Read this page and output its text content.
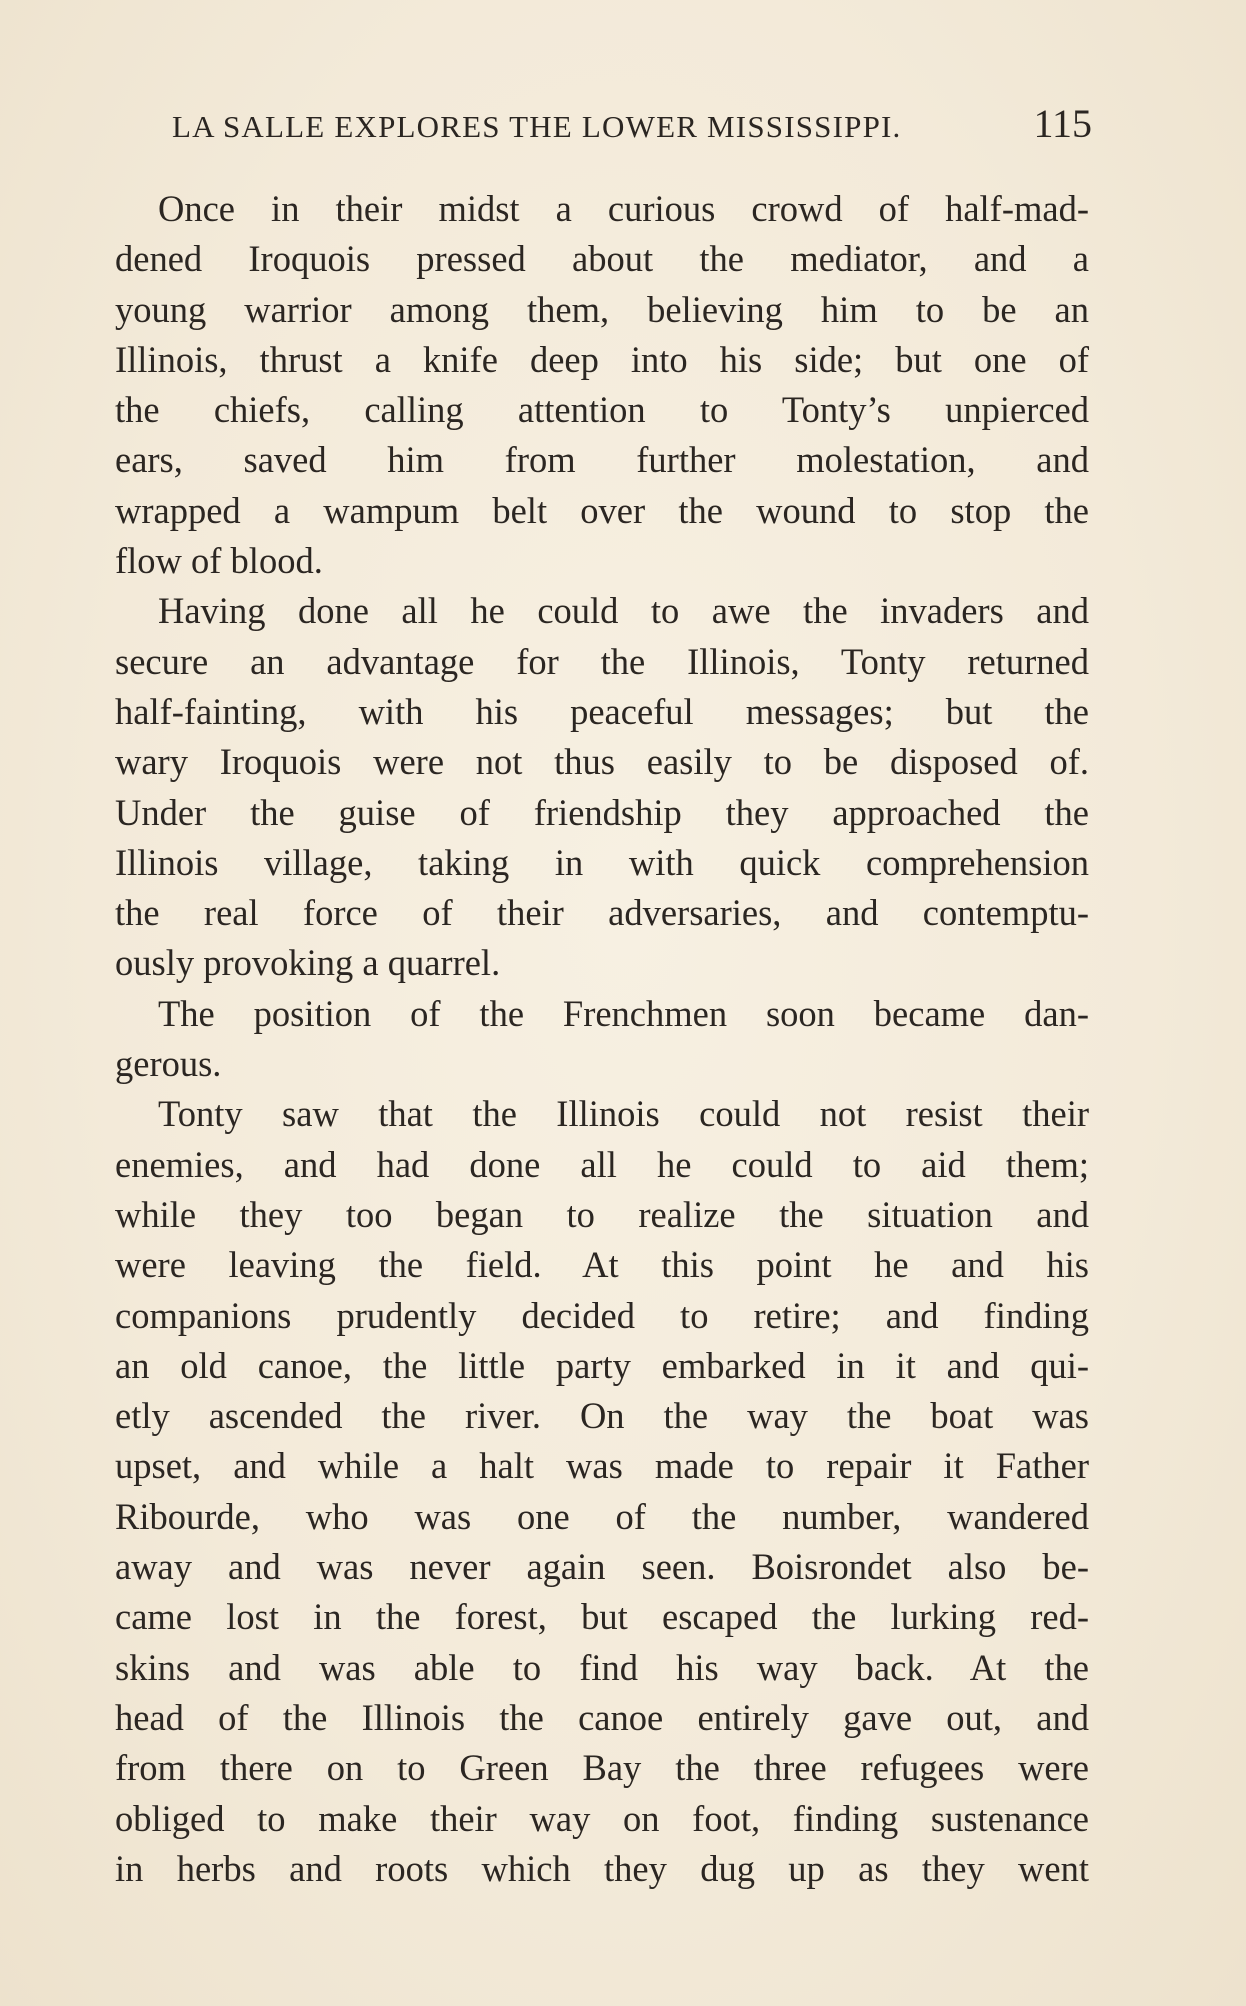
LA SALLE EXPLORES THE LOWER MISSISSIPPI.	115
Once in their midst a curious crowd of half-mad-
dened Iroquois pressed about the mediator, and a
young warrior among them, believing him to be an
Illinois, thrust a knife deep into his side; but one of
the chiefs, calling attention to Tonty’s unpierced
ears, saved him from further molestation, and
wrapped a wampum belt over the wound to stop the
flow of blood.
Having done all he could to awe the invaders and
secure an advantage for the Illinois, Tonty returned
half-fainting, with his peaceful messages; but the
wary Iroquois were not thus easily to be disposed of.
Under the guise of friendship they approached the
Illinois village, taking in with quick comprehension
the real force of their adversaries, and contemptu-
ously provoking a quarrel.
The position of the Frenchmen soon became dan-
gerous.
Tonty saw that the Illinois could not resist their
enemies, and had done all he could to aid them;
while they too began to realize the situation and
were leaving the field. At this point he and his
companions prudently decided to retire; and finding
an old canoe, the little party embarked in it and qui-
etly ascended the river. On the way the boat was
upset, and while a halt was made to repair it Father
Ribourde, who was one of the number, wandered
away and was never again seen. Boisrondet also be-
came lost in the forest, but escaped the lurking red-
skins and was able to find his way back. At the
head of the Illinois the canoe entirely gave out, and
from there on to Green Bay the three refugees were
obliged to make their way on foot, finding sustenance
in herbs and roots which they dug up as they went
